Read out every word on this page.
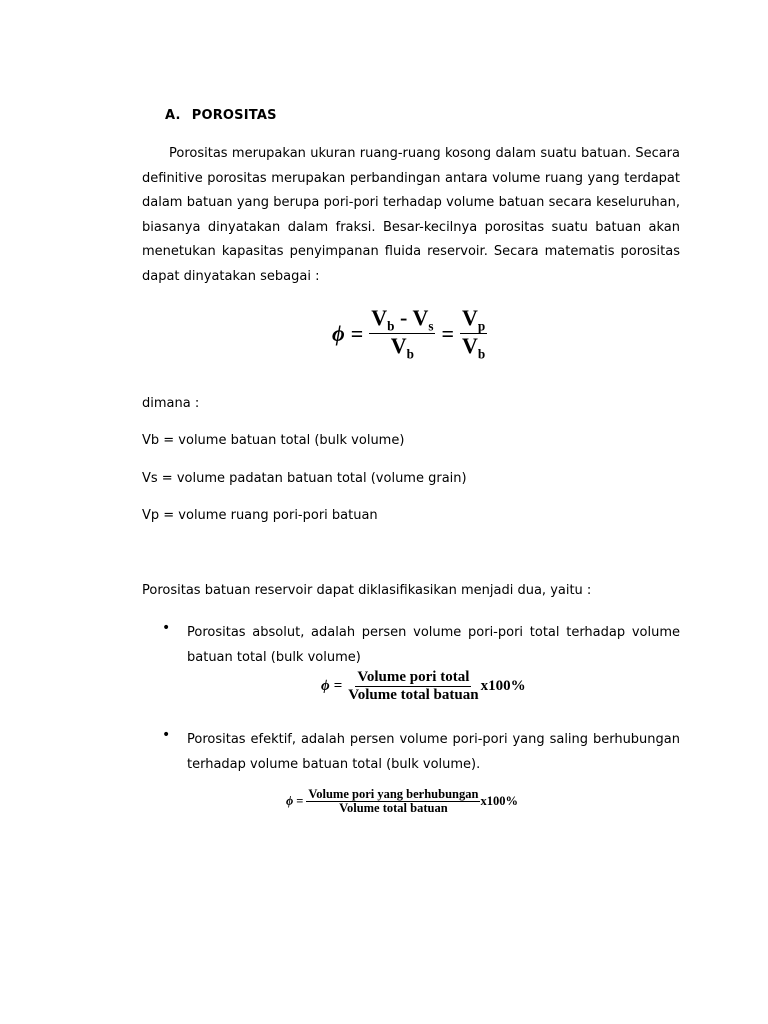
A. POROSITAS
Porositas merupakan ukuran ruang-ruang kosong dalam suatu batuan. Secara definitive porositas merupakan perbandingan antara volume ruang yang terdapat dalam batuan yang berupa pori-pori terhadap volume batuan secara keseluruhan, biasanya dinyatakan dalam fraksi. Besar-kecilnya porositas suatu batuan akan menetukan kapasitas penyimpanan fluida reservoir. Secara matematis porositas dapat dinyatakan sebagai :
$\phi = \frac{V_b - V_s}{V_b} = \frac{V_p}{V_b}$
dimana :
Vb = volume batuan total (bulk volume)
Vs = volume padatan batuan total (volume grain)
Vp = volume ruang pori-pori batuan
Porositas batuan reservoir dapat diklasifikasikan menjadi dua, yaitu :
• Porositas absolut, adalah persen volume pori-pori total terhadap volume batuan total (bulk volume)
$\phi = \frac{\text{Volume pori total}}{\text{Volume total batuan}} x100\%$
• Porositas efektif, adalah persen volume pori-pori yang saling berhubungan terhadap volume batuan total (bulk volume).
$\phi = \frac{\text{Volume pori yang berhubungan}}{\text{Volume total batuan}} x100\%$
